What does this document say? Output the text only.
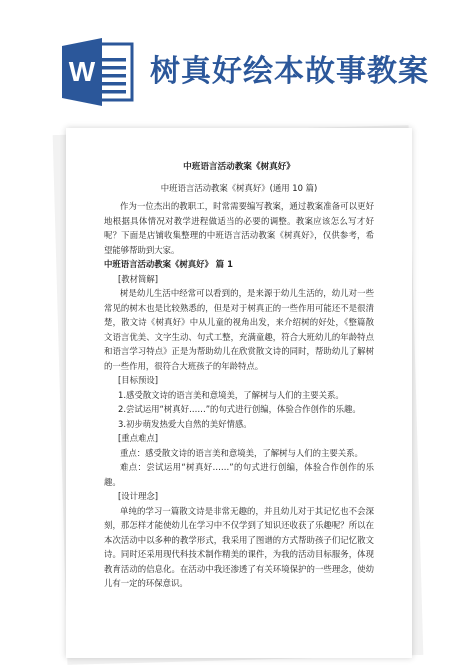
W 树真好绘本故事教案

中班语言活动教案《树真好》

中班语言活动教案《树真好》(通用 10 篇)

作为一位杰出的教职工，时常需要编写教案，通过教案准备可以更好地根据具体情况对教学进程做适当的必要的调整。教案应该怎么写才好呢？下面是店铺收集整理的中班语言活动教案《树真好》，仅供参考，希望能够帮助到大家。

中班语言活动教案《树真好》 篇 1

[教材简解]

树是幼儿生活中经常可以看到的，是来源于幼儿生活的，幼儿对一些常见的树木也是比较熟悉的，但是对于树真正的一些作用可能还不是很清楚，散文诗《树真好》中从儿童的视角出发，来介绍树的好处，《整篇散文语言优美、文字生动、句式工整，充满童趣，符合大班幼儿的年龄特点和语言学习特点》正是为帮助幼儿在欣赏散文诗的同时，帮助幼儿了解树的一些作用，很符合大班孩子的年龄特点。

[目标预设]

1.感受散文诗的语言美和意境美，了解树与人们的主要关系。

2.尝试运用“树真好……”的句式进行创编，体验合作创作的乐趣。

3.初步萌发热爱大自然的美好情感。

[重点难点]

重点：感受散文诗的语言美和意境美，了解树与人们的主要关系。

难点：尝试运用“树真好……”的句式进行创编，体验合作创作的乐趣。

[设计理念]

单纯的学习一篇散文诗是非常无趣的，并且幼儿对于其记忆也不会深刻，那怎样才能使幼儿在学习中不仅学到了知识还收获了乐趣呢？所以在本次活动中以多种的教学形式，我采用了图谱的方式帮助孩子们记忆散文诗。同时还采用现代科技术制作精美的课件，为我的活动目标服务，体现教育活动的信息化。在活动中我还渗透了有关环境保护的一些理念，使幼儿有一定的环保意识。
